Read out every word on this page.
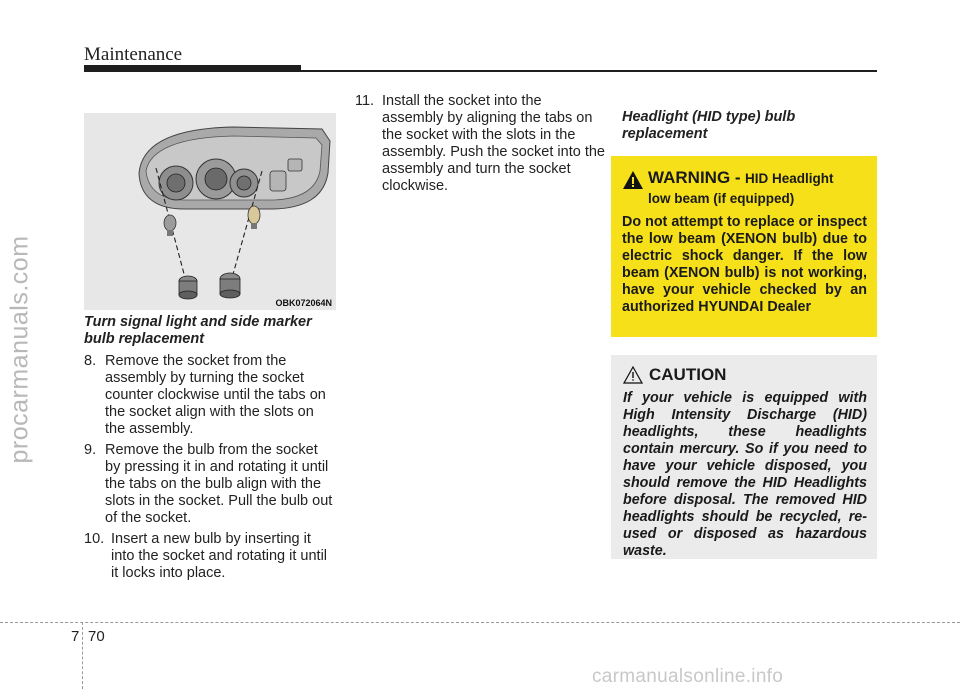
Maintenance
procarmanuals.com	OBK072064N
Turn signal light and side marker
bulb replacement
8. Remove the socket from the assembly by turning the socket counter clockwise until the tabs on the socket align with the slots on the assembly.
9. Remove the bulb from the socket by pressing it in and rotating it until the tabs on the bulb align with the slots in the socket. Pull the bulb out of the socket.
10. Insert a new bulb by inserting it into the socket and rotating it until it locks into place.
11. Install the socket into the assembly by aligning the tabs on the socket with the slots in the assembly. Push the socket into the assembly and turn the socket clockwise.
Headlight (HID type) bulb replacement
WARNING - HID Headlight
low beam (if equipped)
Do not attempt to replace or inspect the low beam (XENON bulb) due to electric shock danger. If the low beam (XENON bulb) is not working, have your vehicle checked by an authorized HYUNDAI Dealer
CAUTION
If your vehicle is equipped with High Intensity Discharge (HID) headlights, these headlights contain mercury. So if you need to have your vehicle disposed, you should remove the HID Headlights before disposal. The removed HID headlights should be recycled, re-used or disposed as hazardous waste.
7 70
carmanualsonline.info
